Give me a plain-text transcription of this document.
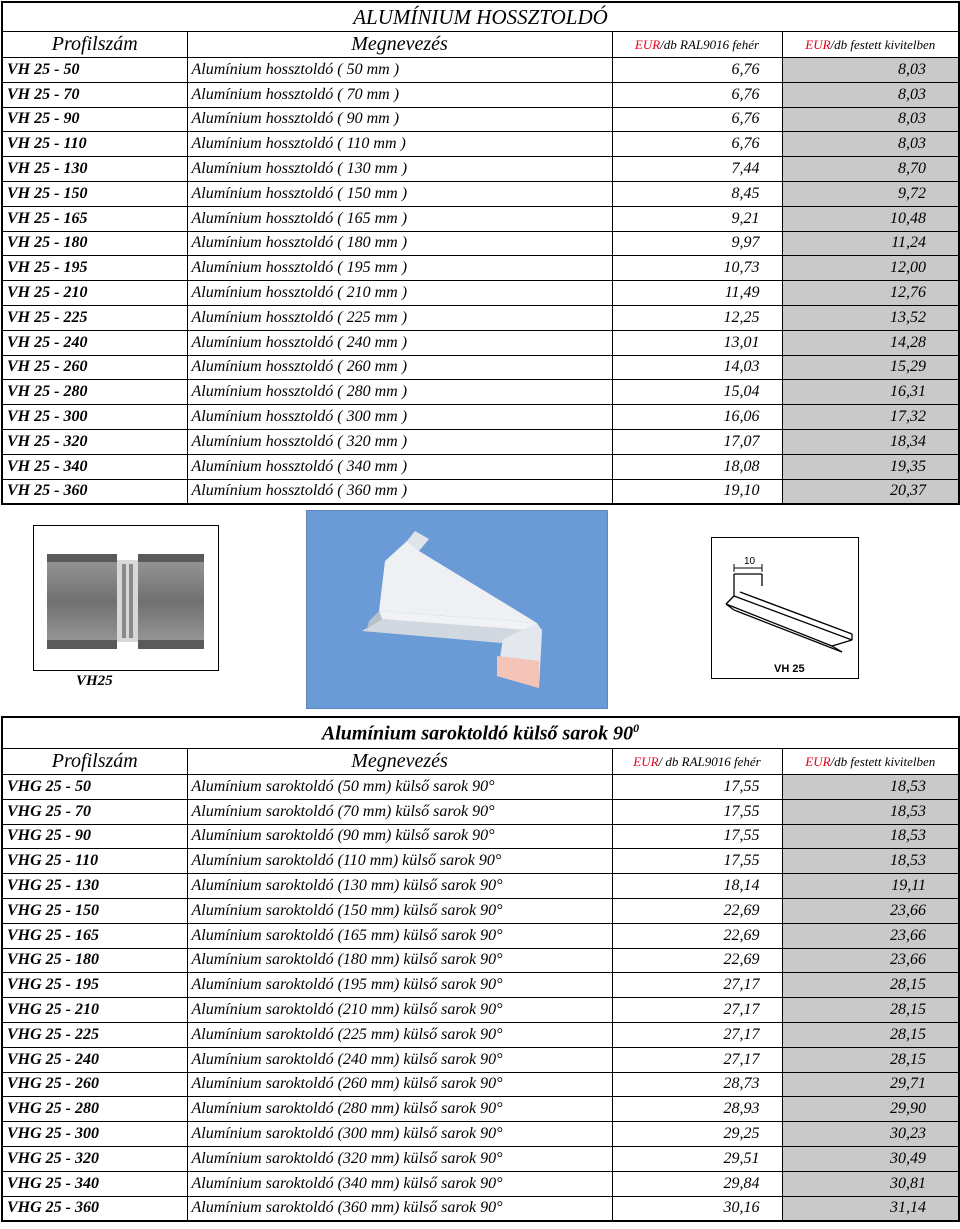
ALUMÍNIUM HOSSZTOLDÓ			
Profilszám	Megnevezés	EUR/db RAL9016 fehér	EUR/db festett kivitelben
VH 25 - 50	Alumínium hossztoldó ( 50 mm )	6,76	8,03
VH 25 - 70	Alumínium hossztoldó ( 70 mm )	6,76	8,03
VH 25 - 90	Alumínium hossztoldó ( 90 mm )	6,76	8,03
VH 25 - 110	Alumínium hossztoldó ( 110 mm )	6,76	8,03
VH 25 - 130	Alumínium hossztoldó ( 130 mm )	7,44	8,70
VH 25 - 150	Alumínium hossztoldó ( 150 mm )	8,45	9,72
VH 25 - 165	Alumínium hossztoldó ( 165 mm )	9,21	10,48
VH 25 - 180	Alumínium hossztoldó ( 180 mm )	9,97	11,24
VH 25 - 195	Alumínium hossztoldó ( 195 mm )	10,73	12,00
VH 25 - 210	Alumínium hossztoldó ( 210 mm )	11,49	12,76
VH 25 - 225	Alumínium hossztoldó ( 225 mm )	12,25	13,52
VH 25 - 240	Alumínium hossztoldó ( 240 mm )	13,01	14,28
VH 25 - 260	Alumínium hossztoldó ( 260 mm )	14,03	15,29
VH 25 - 280	Alumínium hossztoldó ( 280 mm )	15,04	16,31
VH 25 - 300	Alumínium hossztoldó ( 300 mm )	16,06	17,32
VH 25 - 320	Alumínium hossztoldó ( 320 mm )	17,07	18,34
VH 25 - 340	Alumínium hossztoldó ( 340 mm )	18,08	19,35
VH 25 - 360	Alumínium hossztoldó ( 360 mm )	19,10	20,37
VH25
10
VH 25
Alumínium saroktoldó külső sarok $90^0$
Profilszám	Megnevezés	EUR/ db RAL9016 fehér	EUR/db festett kivitelben
VHG 25 - 50	Alumínium saroktoldó (50 mm) külső sarok 90°	17,55	18,53
VHG 25 - 70	Alumínium saroktoldó (70 mm) külső sarok 90°	17,55	18,53
VHG 25 - 90	Alumínium saroktoldó (90 mm) külső sarok 90°	17,55	18,53
VHG 25 - 110	Alumínium saroktoldó (110 mm) külső sarok 90°	17,55	18,53
VHG 25 - 130	Alumínium saroktoldó (130 mm) külső sarok 90°	18,14	19,11
VHG 25 - 150	Alumínium saroktoldó (150 mm) külső sarok 90°	22,69	23,66
VHG 25 - 165	Alumínium saroktoldó (165 mm) külső sarok 90°	22,69	23,66
VHG 25 - 180	Alumínium saroktoldó (180 mm) külső sarok 90°	22,69	23,66
VHG 25 - 195	Alumínium saroktoldó (195 mm) külső sarok 90°	27,17	28,15
VHG 25 - 210	Alumínium saroktoldó (210 mm) külső sarok 90°	27,17	28,15
VHG 25 - 225	Alumínium saroktoldó (225 mm) külső sarok 90°	27,17	28,15
VHG 25 - 240	Alumínium saroktoldó (240 mm) külső sarok 90°	27,17	28,15
VHG 25 - 260	Alumínium saroktoldó (260 mm) külső sarok 90°	28,73	29,71
VHG 25 - 280	Alumínium saroktoldó (280 mm) külső sarok 90°	28,93	29,90
VHG 25 - 300	Alumínium saroktoldó (300 mm) külső sarok 90°	29,25	30,23
VHG 25 - 320	Alumínium saroktoldó (320 mm) külső sarok 90°	29,51	30,49
VHG 25 - 340	Alumínium saroktoldó (340 mm) külső sarok 90°	29,84	30,81
VHG 25 - 360	Alumínium saroktoldó (360 mm) külső sarok 90°	30,16	31,14
